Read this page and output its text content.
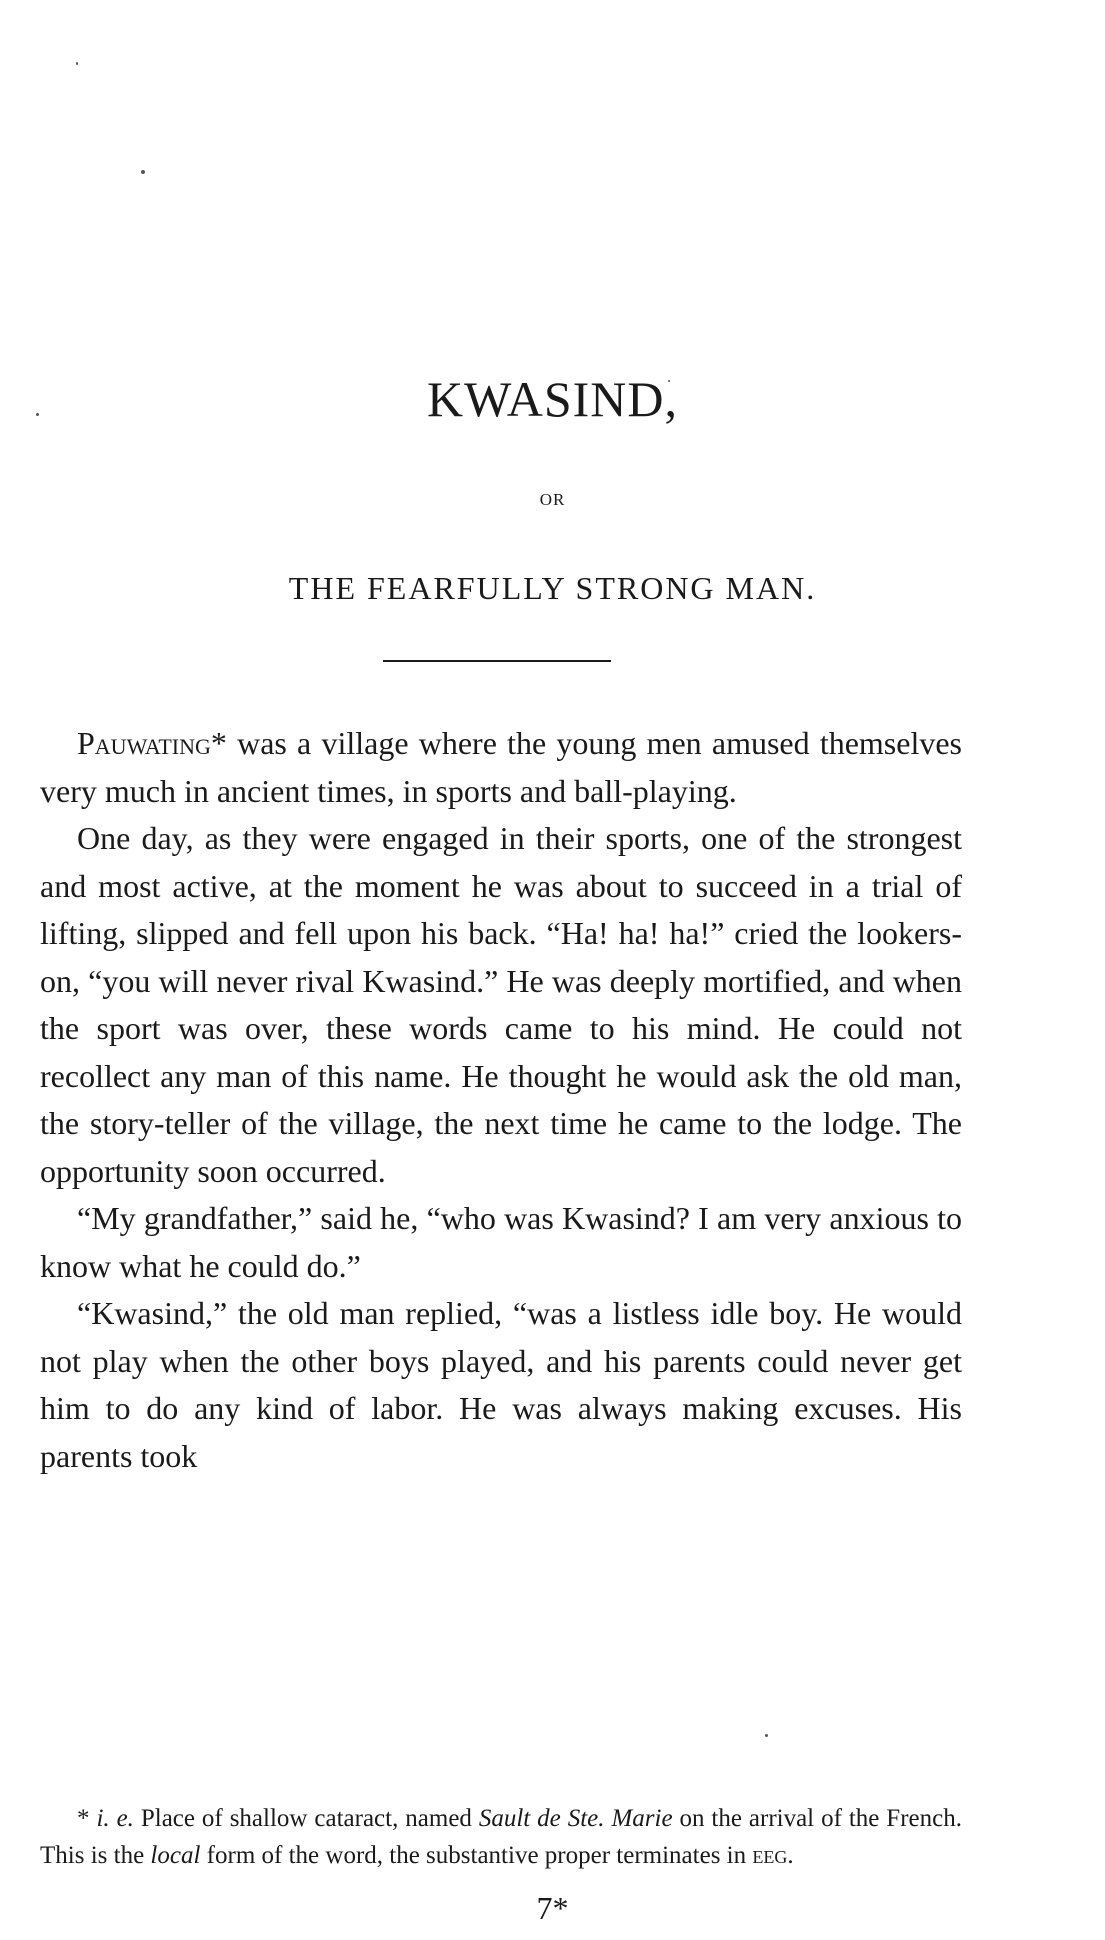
KWASIND,
OR
THE FEARFULLY STRONG MAN.

Pauwating* was a village where the young men amused themselves very much in ancient times, in sports and ball-playing.

One day, as they were engaged in their sports, one of the strongest and most active, at the moment he was about to succeed in a trial of lifting, slipped and fell upon his back. “Ha! ha! ha!” cried the lookers-on, “you will never rival Kwasind.” He was deeply mortified, and when the sport was over, these words came to his mind. He could not recollect any man of this name. He thought he would ask the old man, the story-teller of the village, the next time he came to the lodge. The opportunity soon occurred.

“My grandfather,” said he, “who was Kwasind? I am very anxious to know what he could do.”

“Kwasind,” the old man replied, “was a listless idle boy. He would not play when the other boys played, and his parents could never get him to do any kind of labor. He was always making excuses. His parents took

* i. e. Place of shallow cataract, named Sault de Ste. Marie on the arrival of the French. This is the local form of the word, the substantive proper terminates in eeg.

7*
